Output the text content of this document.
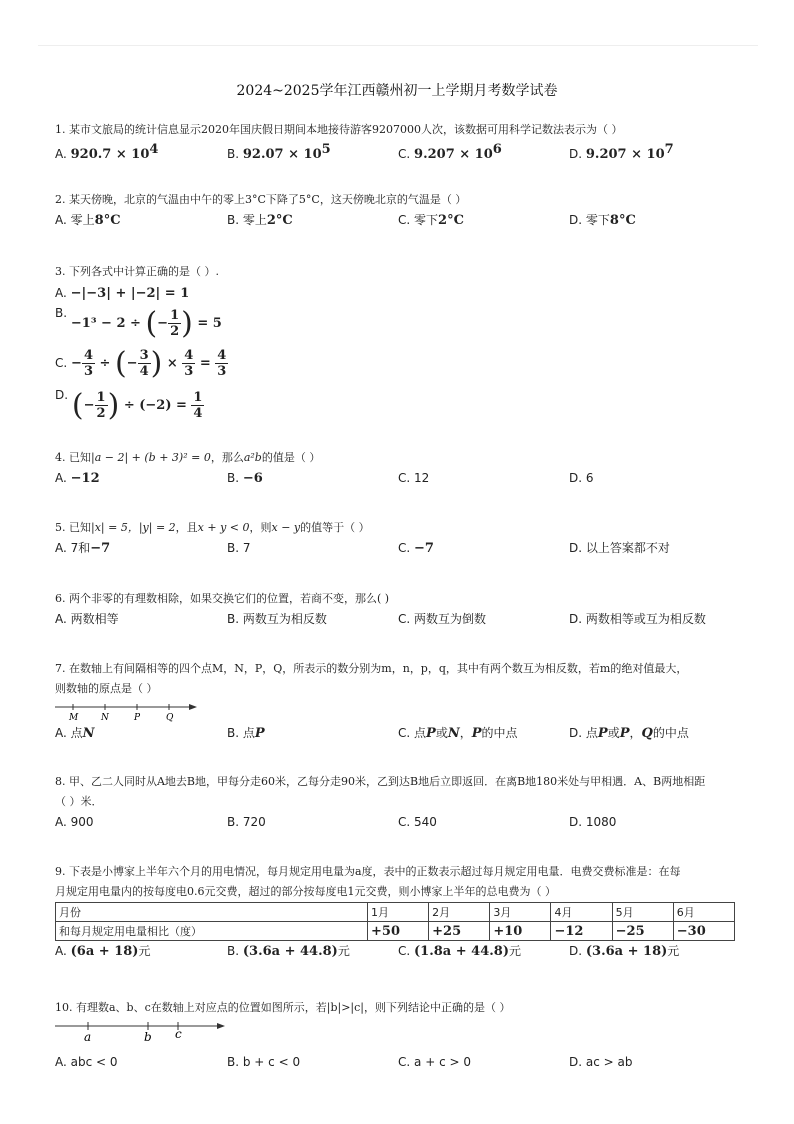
2024~2025学年江西赣州初一上学期月考数学试卷
1. 某市文旅局的统计信息显示2020年国庆假日期间本地接待游客9207000人次，该数据可用科学记数法表示为（ ）
A. $920.7 \times 10^4$	B. $92.07 \times 10^5$	C. $9.207 \times 10^6$	D. $9.207 \times 10^7$
2. 某天傍晚，北京的气温由中午的零上3°C下降了5°C，这天傍晚北京的气温是（ ）
A. 零上8°C	B. 零上2°C	C. 零下2°C	D. 零下8°C
3. 下列各式中计算正确的是（ ）.
A.
−|−3| + |−2| = 1
B.

−1³ − 2 ÷
( − $\frac{1}{2}$ )
= 5
C.
− $\frac{4}{3}$ ÷ ( − $\frac{3}{4}$ ) × $\frac{4}{3} = \frac{4}{3}$
D.
( − $\frac{1}{2}$ )
÷ (−2) =
$\frac{1}{4}$
4. 已知|a − 2| + (b + 3)² = 0，那么a²b的值是（ ）
A. −12	B. −6	C. 12	D. 6
5. 已知|x| = 5，|y| = 2，且x + y < 0，则x − y的值等于（ ）
A. 7和−7	B. 7	C. −7	D. 以上答案都不对
6. 两个非零的有理数相除，如果交换它们的位置，若商不变，那么( )
A. 两数相等	B. 两数互为相反数	C. 两数互为倒数	D. 两数相等或互为相反数
7. 在数轴上有间隔相等的四个点M，N，P，Q，所表示的数分别为m，n，p，q，其中有两个数互为相反数，若m的绝对值最大，
则数轴的原点是（ ）
M	N	P	Q
A. 点N	B. 点P	C. 点P或N，P的中点	D. 点P或P，Q的中点
8. 甲、乙二人同时从A地去B地，甲每分走60米，乙每分走90米，乙到达B地后立即返回．在离B地180米处与甲相遇．A、B两地相距
（ ）米．
A. 900	B. 720	C. 540	D. 1080
9. 下表是小博家上半年六个月的用电情况，每月规定用电量为a度，表中的正数表示超过每月规定用电量．电费交费标准是：在每
月规定用电量内的按每度电0.6元交费，超过的部分按每度电1元交费，则小博家上半年的总电费为（ ）
月份	1月	2月	3月	4月	5月	6月
和每月规定用电量相比（度）	+50	+25	+10	−12	−25	−30
A. (6a + 18)元	B. (3.6a + 44.8)元	C. (1.8a + 44.8)元	D. (3.6a + 18)元
10. 有理数a、b、c在数轴上对应点的位置如图所示，若|b|>|c|，则下列结论中正确的是（ ）
a	b c
A. abc < 0	B. b + c < 0	C. a + c > 0	D. ac > ab
